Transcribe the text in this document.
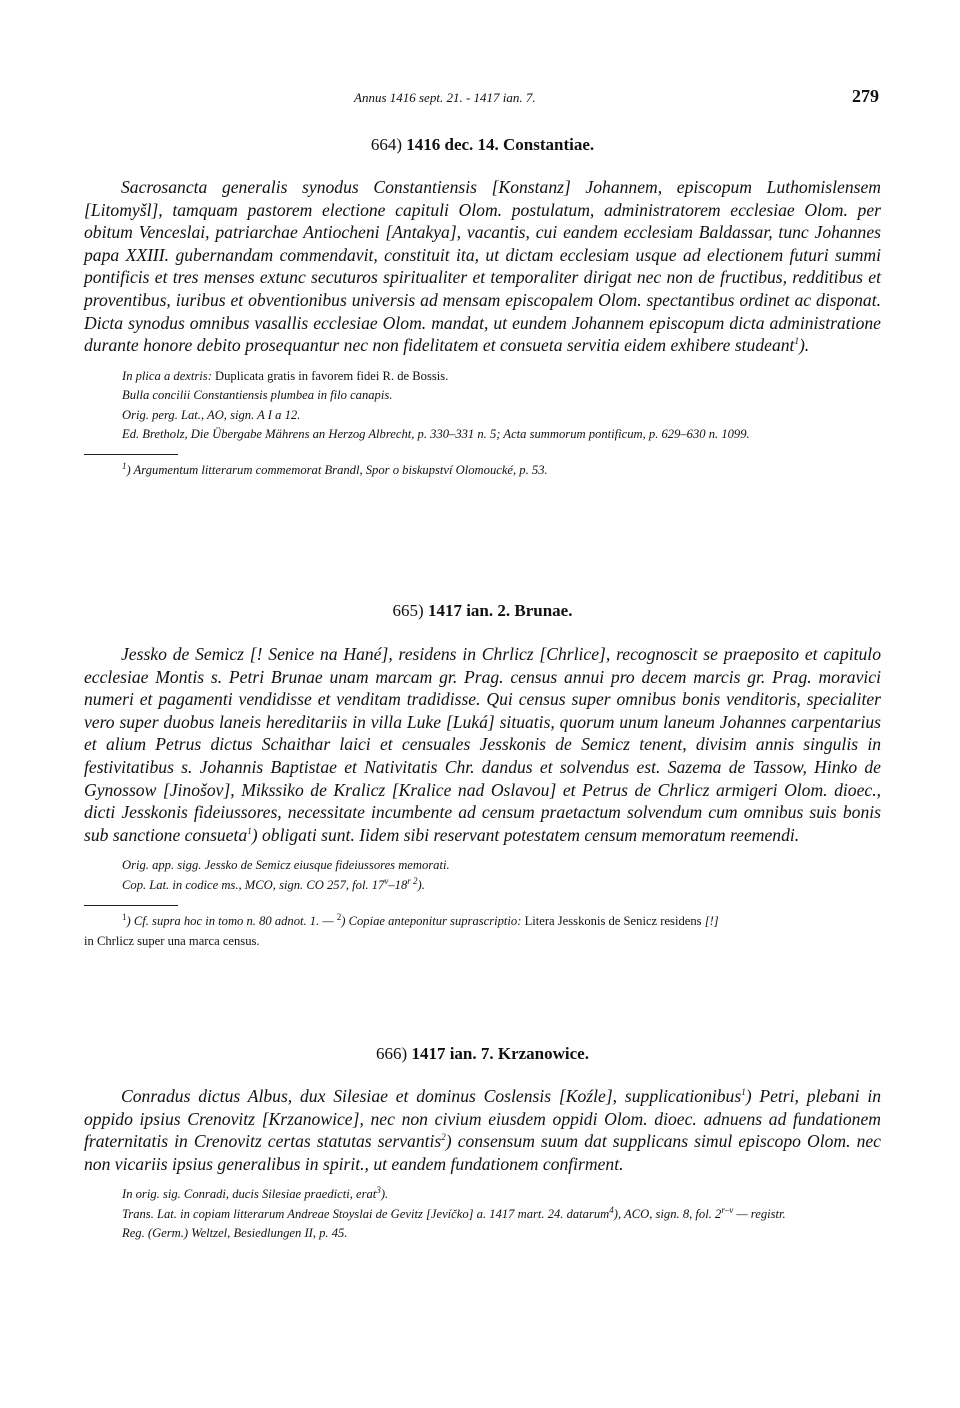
Annus 1416 sept. 21. - 1417 ian. 7.	279

664) 1416 dec. 14. Constantiae.

Sacrosancta generalis synodus Constantiensis [Konstanz] Johannem, episcopum Luthomislensem [Litomyšl], tamquam pastorem electione capituli Olom. postulatum, administratorem ecclesiae Olom. per obitum Venceslai, patriarchae Antiocheni [Antakya], vacantis, cui eandem ecclesiam Baldassar, tunc Johannes papa XXIII. gubernandam commendavit, constituit ita, ut dictam ecclesiam usque ad electionem futuri summi pontificis et tres menses extunc secuturos spiritualiter et temporaliter dirigat nec non de fructibus, redditibus et proventibus, iuribus et obventionibus universis ad mensam episcopalem Olom. spectantibus ordinet ac disponat. Dicta synodus omnibus vasallis ecclesiae Olom. mandat, ut eundem Johannem episcopum dicta administratione durante honore debito prosequantur nec non fidelitatem et consueta servitia eidem exhibere studeant$^1$).

In plica a dextris: Duplicata gratis in favorem fidei R. de Bossis.

Bulla concilii Constantiensis plumbea in filo canapis.

Orig. perg. Lat., AO, sign. A I a 12.

Ed. Bretholz, Die Übergabe Mährens an Herzog Albrecht, p. 330–331 n. 5; Acta summorum pontificum, p. 629–630 n. 1099.

$^1$) Argumentum litterarum commemorat Brandl, Spor o biskupství Olomoucké, p. 53.

665) 1417 ian. 2. Brunae.

Jessko de Semicz [! Senice na Hané], residens in Chrlicz [Chrlice], recognoscit se praeposito et capitulo ecclesiae Montis s. Petri Brunae unam marcam gr. Prag. census annui pro decem marcis gr. Prag. moravici numeri et pagamenti vendidisse et venditam tradidisse. Qui census super omnibus bonis venditoris, specialiter vero super duobus laneis hereditariis in villa Luke [Luká] situatis, quorum unum laneum Johannes carpentarius et alium Petrus dictus Schaithar laici et censuales Jesskonis de Semicz tenent, divisim annis singulis in festivitatibus s. Johannis Baptistae et Nativitatis Chr. dandus et solvendus est. Sazema de Tassow, Hinko de Gynossow [Jinošov], Mikssiko de Kralicz [Kralice nad Oslavou] et Petrus de Chrlicz armigeri Olom. dioec., dicti Jesskonis fideiussores, necessitate incumbente ad censum praetactum solvendum cum omnibus suis bonis sub sanctione consueta$^1$) obligati sunt. Iidem sibi reservant potestatem censum memoratum reemendi.

Orig. app. sigg. Jessko de Semicz eiusque fideiussores memorati.

Cop. Lat. in codice ms., MCO, sign. CO 257, fol. $17^v-18^{r 2}$).

$^1$) Cf. supra hoc in tomo n. 80 adnot. 1. — $^2$) Copiae anteponitur suprascriptio: Litera Jesskonis de Senicz residens [!]

in Chrlicz super una marca census.

666) 1417 ian. 7. Krzanowice.

Conradus dictus Albus, dux Silesiae et dominus Coslensis [Koźle], supplicationibus$^1$) Petri, plebani in oppido ipsius Crenovitz [Krzanowice], nec non civium eiusdem oppidi Olom. dioec. adnuens ad fundationem fraternitatis in Crenovitz certas statutas servantis$^2$) consensum suum dat supplicans simul episcopo Olom. nec non vicariis ipsius generalibus in spirit., ut eandem fundationem confirment.

In orig. sig. Conradi, ducis Silesiae praedicti, erat$^3$).

Trans. Lat. in copiam litterarum Andreae Stoyslai de Gevitz [Jevíčko] a. 1417 mart. 24. datarum$^4$), ACO, sign. 8, fol. 2$^{r-v}$ — registr.

Reg. (Germ.) Weltzel, Besiedlungen II, p. 45.
